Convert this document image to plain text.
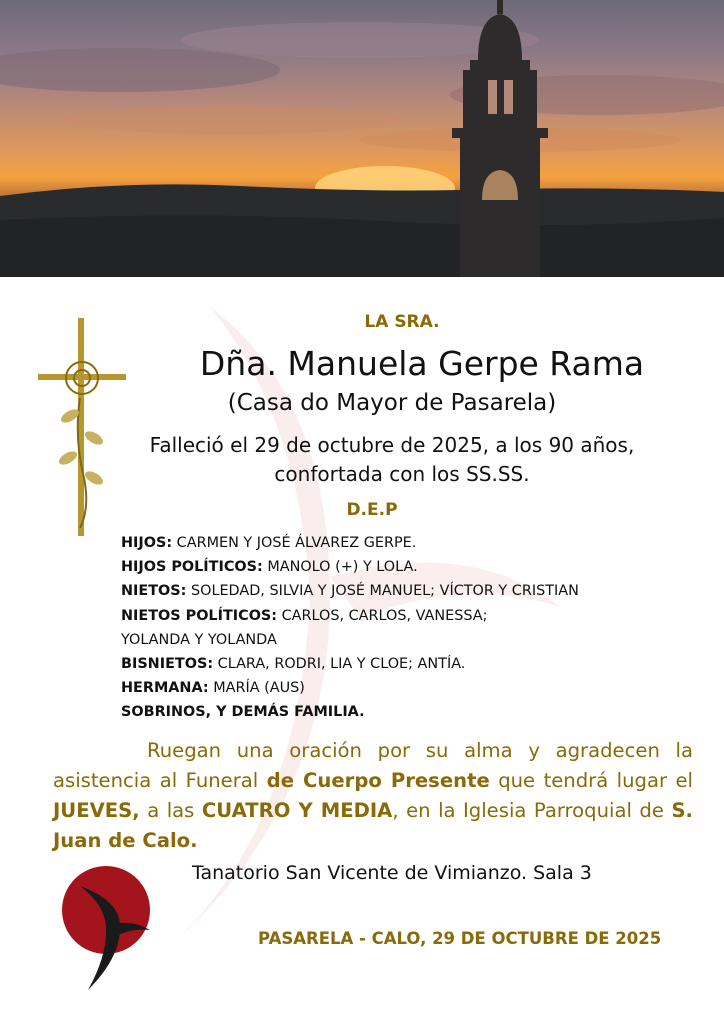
LA SRA.
Dña. Manuela Gerpe Rama
(Casa do Mayor de Pasarela)
Falleció el 29 de octubre de 2025, a los 90 años,
confortada con los SS.SS.
D.E.P
HIJOS: CARMEN Y JOSÉ ÁLVAREZ GERPE.
HIJOS POLÍTICOS: MANOLO (+) Y LOLA.
NIETOS: SOLEDAD, SILVIA Y JOSÉ MANUEL; VÍCTOR Y CRISTIAN
NIETOS POLÍTICOS: CARLOS, CARLOS, VANESSA;
YOLANDA Y YOLANDA
BISNIETOS: CLARA, RODRI, LIA Y CLOE; ANTÍA.
HERMANA: MARÍA (AUS)
SOBRINOS, Y DEMÁS FAMILIA.
Ruegan una oración por su alma y agradecen la asistencia al Funeral de Cuerpo Presente que tendrá lugar el JUEVES, a las CUATRO Y MEDIA, en la Iglesia Parroquial de S. Juan de Calo.
Tanatorio San Vicente de Vimianzo. Sala 3
PASARELA - CALO, 29 DE OCTUBRE DE 2025
